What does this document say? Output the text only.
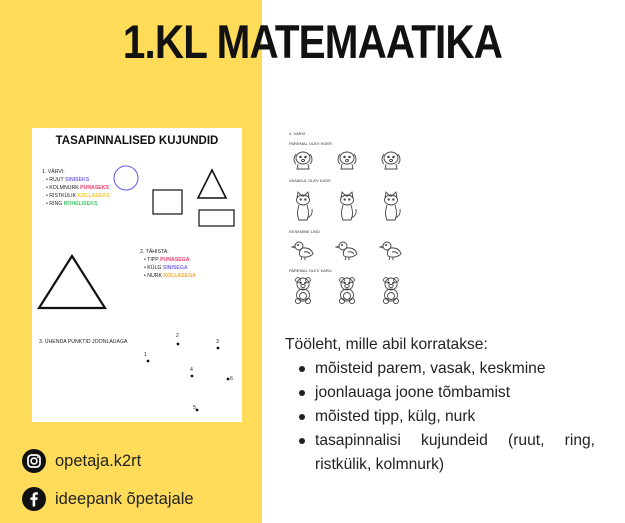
1.KL MATEMAATIKA
TASAPINNALISED KUJUNDID
1. VÄRVI:
• RUUT SINISEKS
• KOLMNURK PUNASEKS
• RISTKÜLIK KOLLASEKS
• RING ROHELISEKS
2. TÄHISTA:
• TIPP PUNASEGA
• KÜLG SINISEGA
• NURK KOLLASEGA
3. ÜHENDA PUNKTID JOONLAUAGA
1
2
3
4
5
6
4. VÄRVI
PAREMAL OLEV KOER
VASAKUL OLEV KASS
KESKMINE LIND
PAREMAL OLEV KARU
Tööleht, mille abil korratakse:
mõisteid parem, vasak, keskmine
joonlauaga joone tõmbamist
mõisted tipp, külg, nurk
tasapinnalisi kujundeid (ruut, ring, ristkülik, kolmnurk)
opetaja.k2rt
ideepank õpetajale
